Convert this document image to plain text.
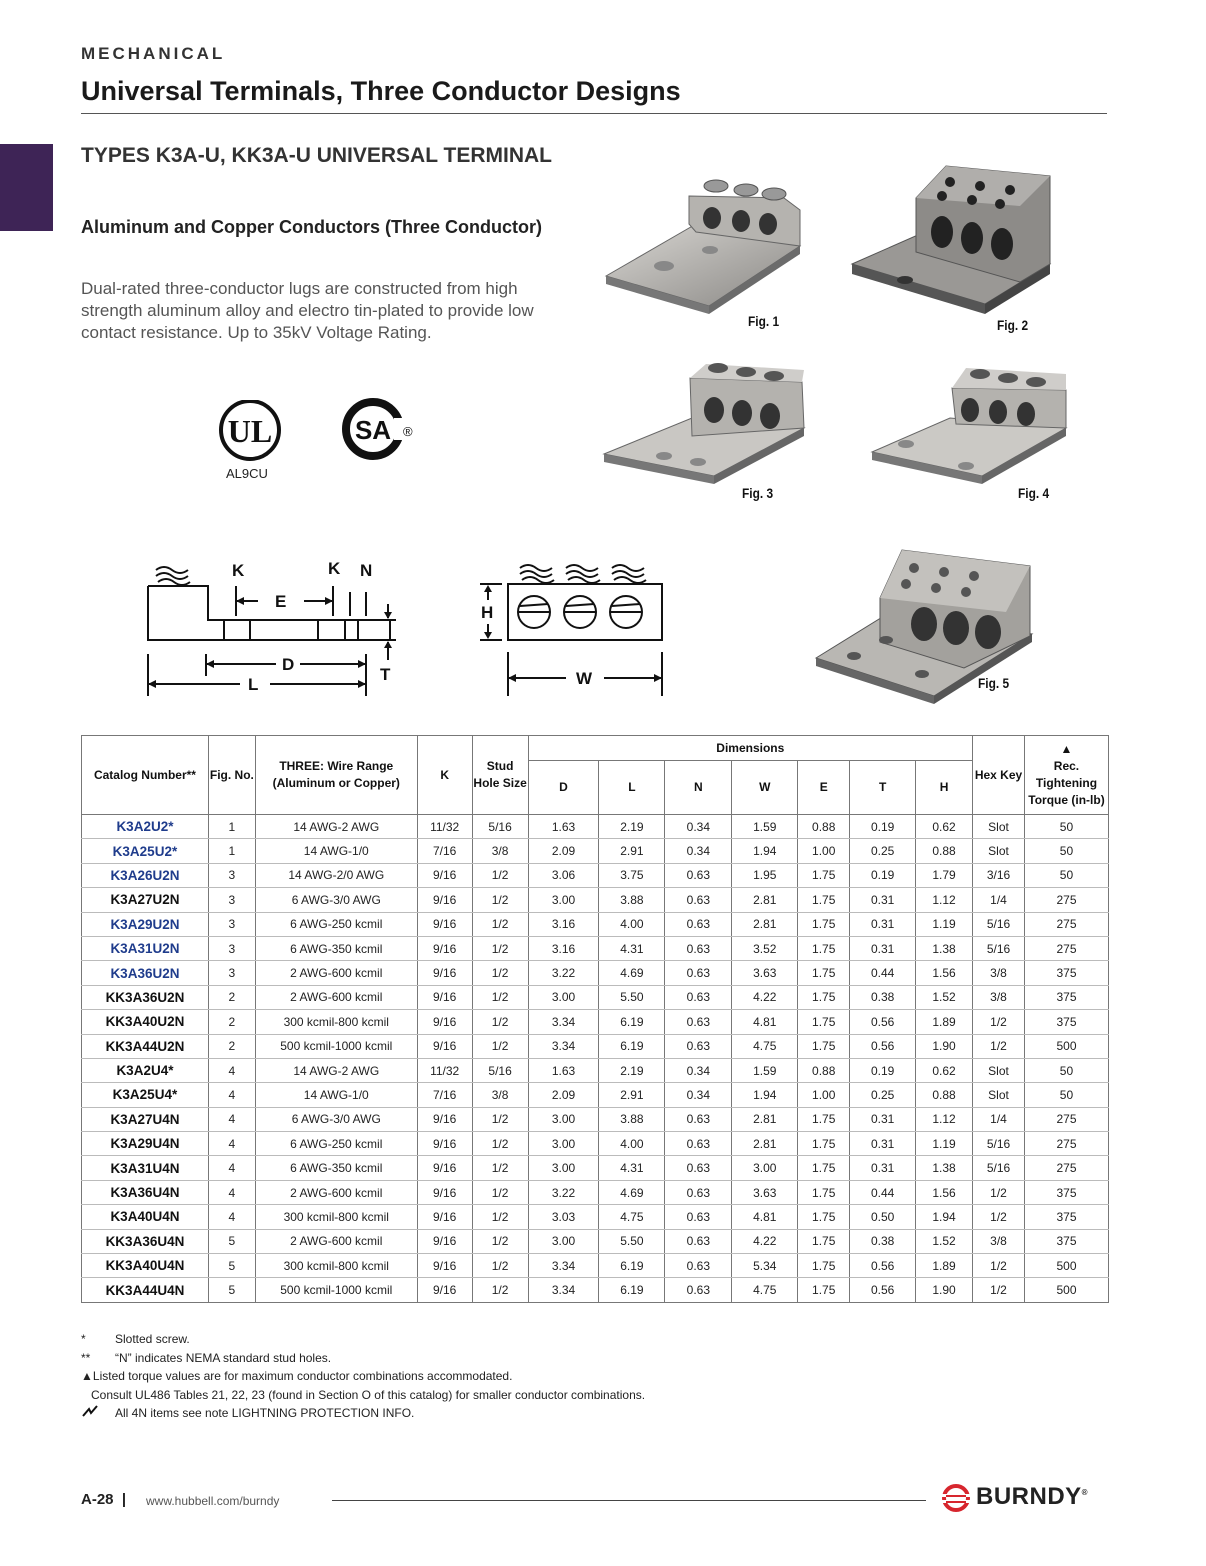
MECHANICAL
Universal Terminals, Three Conductor Designs
TYPES K3A-U, KK3A-U UNIVERSAL TERMINAL
Aluminum and Copper Conductors (Three Conductor)
Dual-rated three-conductor lugs are constructed from high strength aluminum alloy and electro tin-plated to provide low contact resistance. Up to 35kV Voltage Rating.
UL
AL9CU
SA ®
Fig. 1	Fig. 2
Fig. 3	Fig. 4
Fig. 5
K	K N
E
D
L
T
H
W
Catalog Number**	Fig. No.	THREE: Wire Range (Aluminum or Copper)	K	Stud Hole Size	Dimensions							Hex Key	▲
Rec. Tightening Torque (in-lb)

					D	L	N	W	E	T	H		
K3A2U2*	1	14 AWG-2 AWG	11/32	5/16	1.63	2.19	0.34	1.59	0.88	0.19	0.62	Slot	50
K3A25U2*	1	14 AWG-1/0	7/16	3/8	2.09	2.91	0.34	1.94	1.00	0.25	0.88	Slot	50
K3A26U2N	3	14 AWG-2/0 AWG	9/16	1/2	3.06	3.75	0.63	1.95	1.75	0.19	1.79	3/16	50
K3A27U2N	3	6 AWG-3/0 AWG	9/16	1/2	3.00	3.88	0.63	2.81	1.75	0.31	1.12	1/4	275
K3A29U2N	3	6 AWG-250 kcmil	9/16	1/2	3.16	4.00	0.63	2.81	1.75	0.31	1.19	5/16	275
K3A31U2N	3	6 AWG-350 kcmil	9/16	1/2	3.16	4.31	0.63	3.52	1.75	0.31	1.38	5/16	275
K3A36U2N	3	2 AWG-600 kcmil	9/16	1/2	3.22	4.69	0.63	3.63	1.75	0.44	1.56	3/8	375
KK3A36U2N	2	2 AWG-600 kcmil	9/16	1/2	3.00	5.50	0.63	4.22	1.75	0.38	1.52	3/8	375
KK3A40U2N	2	300 kcmil-800 kcmil	9/16	1/2	3.34	6.19	0.63	4.81	1.75	0.56	1.89	1/2	375
KK3A44U2N	2	500 kcmil-1000 kcmil	9/16	1/2	3.34	6.19	0.63	4.75	1.75	0.56	1.90	1/2	500
K3A2U4*	4	14 AWG-2 AWG	11/32	5/16	1.63	2.19	0.34	1.59	0.88	0.19	0.62	Slot	50
K3A25U4*	4	14 AWG-1/0	7/16	3/8	2.09	2.91	0.34	1.94	1.00	0.25	0.88	Slot	50
K3A27U4N	4	6 AWG-3/0 AWG	9/16	1/2	3.00	3.88	0.63	2.81	1.75	0.31	1.12	1/4	275
K3A29U4N	4	6 AWG-250 kcmil	9/16	1/2	3.00	4.00	0.63	2.81	1.75	0.31	1.19	5/16	275
K3A31U4N	4	6 AWG-350 kcmil	9/16	1/2	3.00	4.31	0.63	3.00	1.75	0.31	1.38	5/16	275
K3A36U4N	4	2 AWG-600 kcmil	9/16	1/2	3.22	4.69	0.63	3.63	1.75	0.44	1.56	1/2	375
K3A40U4N	4	300 kcmil-800 kcmil	9/16	1/2	3.03	4.75	0.63	4.81	1.75	0.50	1.94	1/2	375
KK3A36U4N	5	2 AWG-600 kcmil	9/16	1/2	3.00	5.50	0.63	4.22	1.75	0.38	1.52	3/8	375
KK3A40U4N	5	300 kcmil-800 kcmil	9/16	1/2	3.34	6.19	0.63	5.34	1.75	0.56	1.89	1/2	500
KK3A44U4N	5	500 kcmil-1000 kcmil	9/16	1/2	3.34	6.19	0.63	4.75	1.75	0.56	1.90	1/2	500
* Slotted screw.
** “N” indicates NEMA standard stud holes.
▲Listed torque values are for maximum conductor combinations accommodated.
Consult UL486 Tables 21, 22, 23 (found in Section O of this catalog) for smaller conductor combinations.
All 4N items see note LIGHTNING PROTECTION INFO.
A-28 | www.hubbell.com/burndy	BURNDY®
